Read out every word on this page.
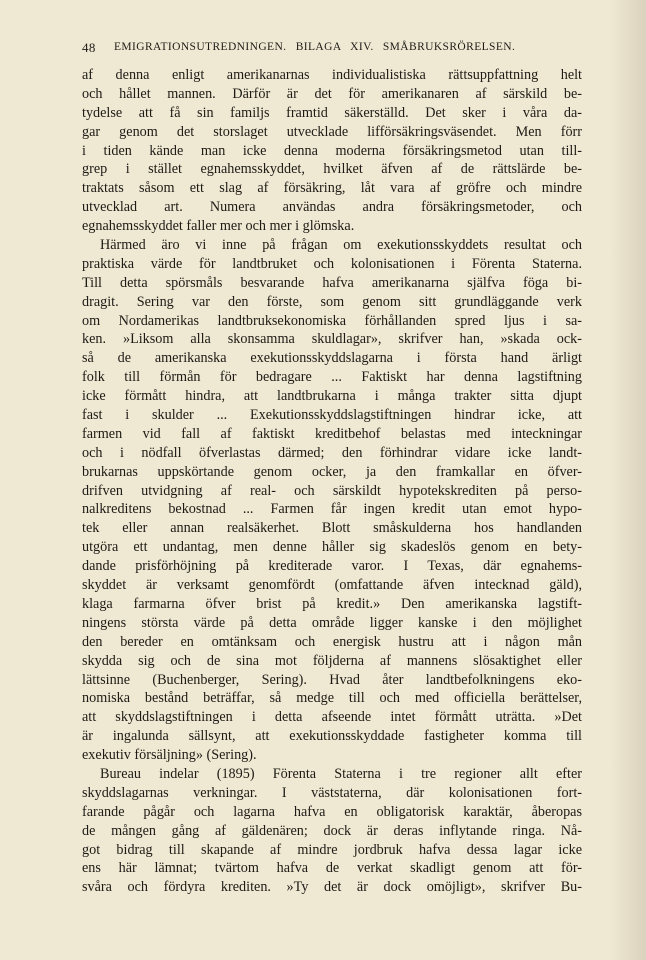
48 EMIGRATIONSUTREDNINGEN. BILAGA XIV. SMÅBRUKSRÖRELSEN.
af denna enligt amerikanarnas individualistiska rättsuppfattning helt
och hållet mannen. Därför är det för amerikanaren af särskild be-
tydelse att få sin familjs framtid säkerställd. Det sker i våra da-
gar genom det storslaget utvecklade lifförsäkringsväsendet. Men förr
i tiden kände man icke denna moderna försäkringsmetod utan till-
grep i stället egnahemsskyddet, hvilket äfven af de rättslärde be-
traktats såsom ett slag af försäkring, låt vara af gröfre och mindre
utvecklad art. Numera användas andra försäkringsmetoder, och
egnahemsskyddet faller mer och mer i glömska.
Härmed äro vi inne på frågan om exekutionsskyddets resultat och
praktiska värde för landtbruket och kolonisationen i Förenta Staterna.
Till detta spörsmåls besvarande hafva amerikanarna själfva föga bi-
dragit. Sering var den förste, som genom sitt grundläggande verk
om Nordamerikas landtbruksekonomiska förhållanden spred ljus i sa-
ken. »Liksom alla skonsamma skuldlagar», skrifver han, »skada ock-
så de amerikanska exekutionsskyddslagarna i första hand ärligt
folk till förmån för bedragare ... Faktiskt har denna lagstiftning
icke förmått hindra, att landtbrukarna i många trakter sitta djupt
fast i skulder ... Exekutionsskyddslagstiftningen hindrar icke, att
farmen vid fall af faktiskt kreditbehof belastas med inteckningar
och i nödfall öfverlastas därmed; den förhindrar vidare icke landt-
brukarnas uppskörtande genom ocker, ja den framkallar en öfver-
drifven utvidgning af real- och särskildt hypotekskrediten på perso-
nalkreditens bekostnad ... Farmen får ingen kredit utan emot hypo-
tek eller annan realsäkerhet. Blott småskulderna hos handlanden
utgöra ett undantag, men denne håller sig skadeslös genom en bety-
dande prisförhöjning på krediterade varor. I Texas, där egnahems-
skyddet är verksamt genomfördt (omfattande äfven intecknad gäld),
klaga farmarna öfver brist på kredit.» Den amerikanska lagstift-
ningens största värde på detta område ligger kanske i den möjlighet
den bereder en omtänksam och energisk hustru att i någon mån
skydda sig och de sina mot följderna af mannens slösaktighet eller
lättsinne (Buchenberger, Sering). Hvad åter landtbefolkningens eko-
nomiska bestånd beträffar, så medge till och med officiella berättelser,
att skyddslagstiftningen i detta afseende intet förmått uträtta. »Det
är ingalunda sällsynt, att exekutionsskyddade fastigheter komma till
exekutiv försäljning» (Sering).
Bureau indelar (1895) Förenta Staterna i tre regioner allt efter
skyddslagarnas verkningar. I väststaterna, där kolonisationen fort-
farande pågår och lagarna hafva en obligatorisk karaktär, åberopas
de mången gång af gäldenären; dock är deras inflytande ringa. Nå-
got bidrag till skapande af mindre jordbruk hafva dessa lagar icke
ens här lämnat; tvärtom hafva de verkat skadligt genom att för-
svåra och fördyra krediten. »Ty det är dock omöjligt», skrifver Bu-
